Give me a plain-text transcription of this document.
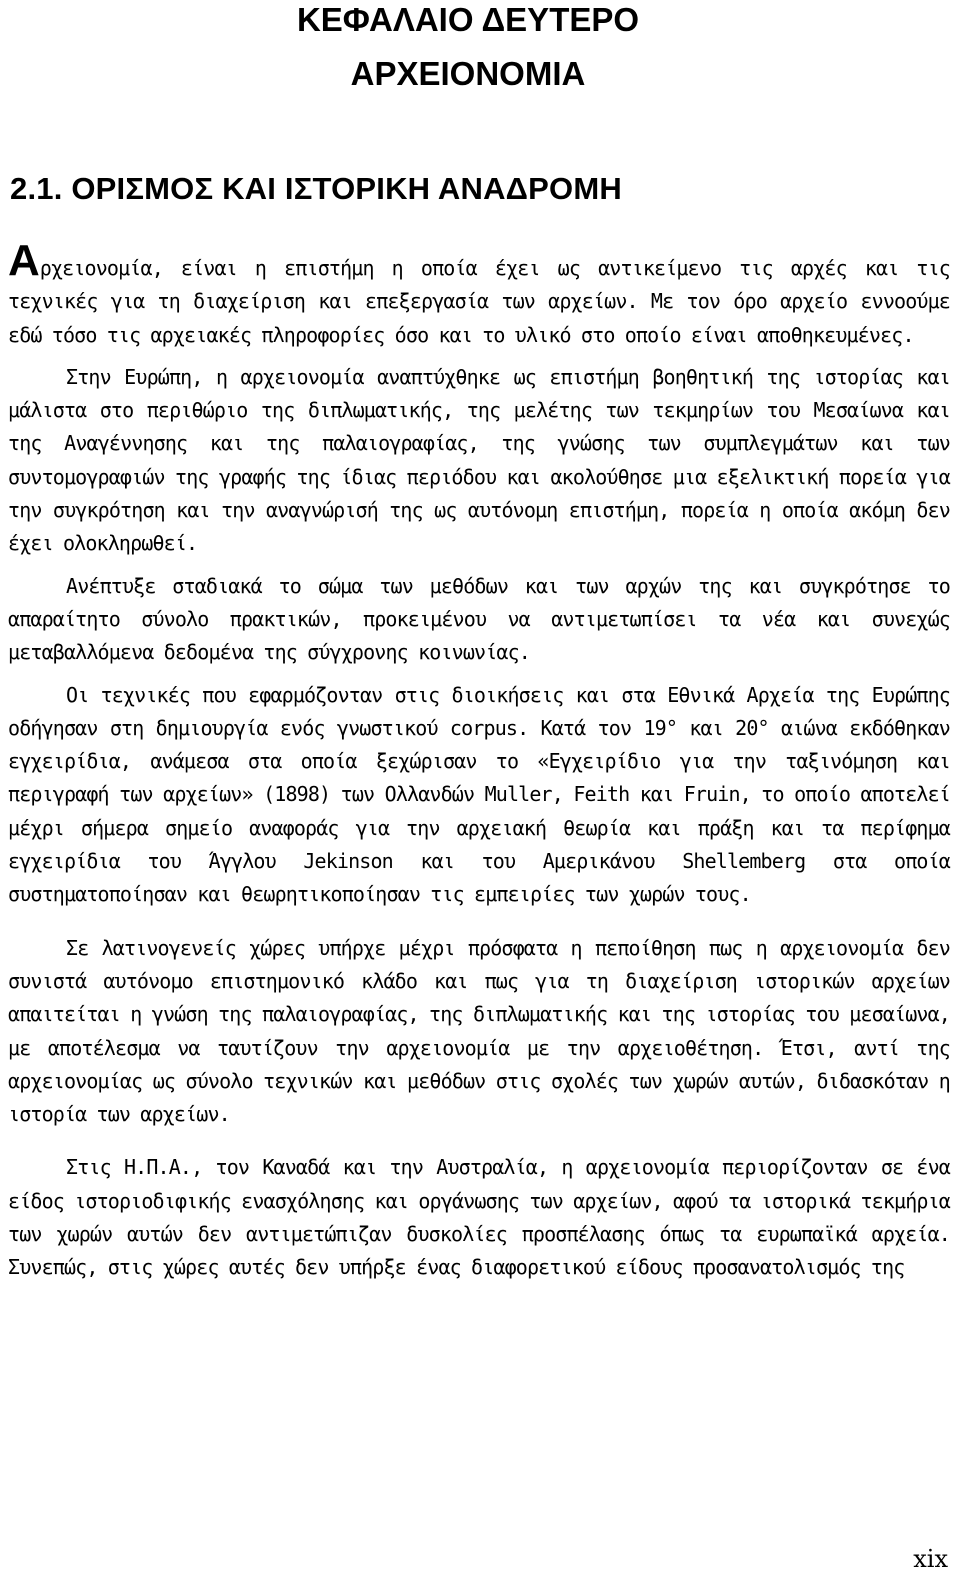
ΚΕΦΑΛΑΙΟ ΔΕΥΤΕΡΟ
ΑΡΧΕΙΟΝΟΜΙΑ
2.1. ΟΡΙΣΜΟΣ ΚΑΙ ΙΣΤΟΡΙΚΗ ΑΝΑΔΡΟΜΗ

Αρχειονομία, είναι η επιστήμη η οποία έχει ως αντικείμενο τις αρχές και τις τεχνικές για τη διαχείριση και επεξεργασία των αρχείων. Με τον όρο αρχείο εννοούμε εδώ τόσο τις αρχειακές πληροφορίες όσο και το υλικό στο οποίο είναι αποθηκευμένες.

Στην Ευρώπη, η αρχειονομία αναπτύχθηκε ως επιστήμη βοηθητική της ιστορίας και μάλιστα στο περιθώριο της διπλωματικής, της μελέτης των τεκμηρίων του Μεσαίωνα και της Αναγέννησης και της παλαιογραφίας, της γνώσης των συμπλεγμάτων και των συντομογραφιών της γραφής της ίδιας περιόδου και ακολούθησε μια εξελικτική πορεία για την συγκρότηση και την αναγνώρισή της ως αυτόνομη επιστήμη, πορεία η οποία ακόμη δεν έχει ολοκληρωθεί.

Ανέπτυξε σταδιακά το σώμα των μεθόδων και των αρχών της και συγκρότησε το απαραίτητο σύνολο πρακτικών, προκειμένου να αντιμετωπίσει τα νέα και συνεχώς μεταβαλλόμενα δεδομένα της σύγχρονης κοινωνίας.

Οι τεχνικές που εφαρμόζονταν στις διοικήσεις και στα Εθνικά Αρχεία της Ευρώπης οδήγησαν στη δημιουργία ενός γνωστικού corpus. Κατά τον 19° και 20° αιώνα εκδόθηκαν εγχειρίδια, ανάμεσα στα οποία ξεχώρισαν το «Εγχειρίδιο για την ταξινόμηση και περιγραφή των αρχείων» (1898) των Ολλανδών Muller, Feith και Fruin, το οποίο αποτελεί μέχρι σήμερα σημείο αναφοράς για την αρχειακή θεωρία και πράξη και τα περίφημα εγχειρίδια του Άγγλου Jekinson και του Αμερικάνου Shellemberg στα οποία συστηματοποίησαν και θεωρητικοποίησαν τις εμπειρίες των χωρών τους.

Σε λατινογενείς χώρες υπήρχε μέχρι πρόσφατα η πεποίθηση πως η αρχειονομία δεν συνιστά αυτόνομο επιστημονικό κλάδο και πως για τη διαχείριση ιστορικών αρχείων απαιτείται η γνώση της παλαιογραφίας, της διπλωματικής και της ιστορίας του μεσαίωνα, με αποτέλεσμα να ταυτίζουν την αρχειονομία με την αρχειοθέτηση. Έτσι, αντί της αρχειονομίας ως σύνολο τεχνικών και μεθόδων στις σχολές των χωρών αυτών, διδασκόταν η ιστορία των αρχείων.

Στις Η.Π.Α., τον Καναδά και την Αυστραλία, η αρχειονομία περιορίζονταν σε ένα είδος ιστοριοδιφικής ενασχόλησης και οργάνωσης των αρχείων, αφού τα ιστορικά τεκμήρια των χωρών αυτών δεν αντιμετώπιζαν δυσκολίες προσπέλασης όπως τα ευρωπαϊκά αρχεία. Συνεπώς, στις χώρες αυτές δεν υπήρξε ένας διαφορετικού είδους προσανατολισμός της

xix
